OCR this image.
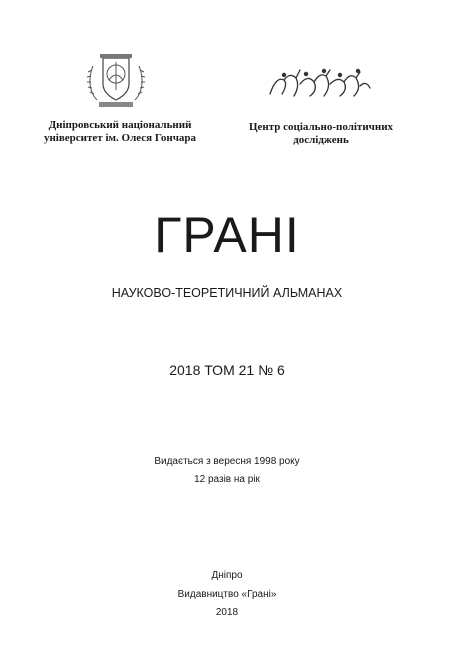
Дніпровський національний
університет ім. Олеся Гончара
Центр соціально-політичних
досліджень
ГРАНІ
НАУКОВО-ТЕОРЕТИЧНИЙ АЛЬМАНАХ
2018 ТОМ 21 № 6
Видається з вересня 1998 року
12 разів на рік
Дніпро
Видавництво «Грані»
2018
